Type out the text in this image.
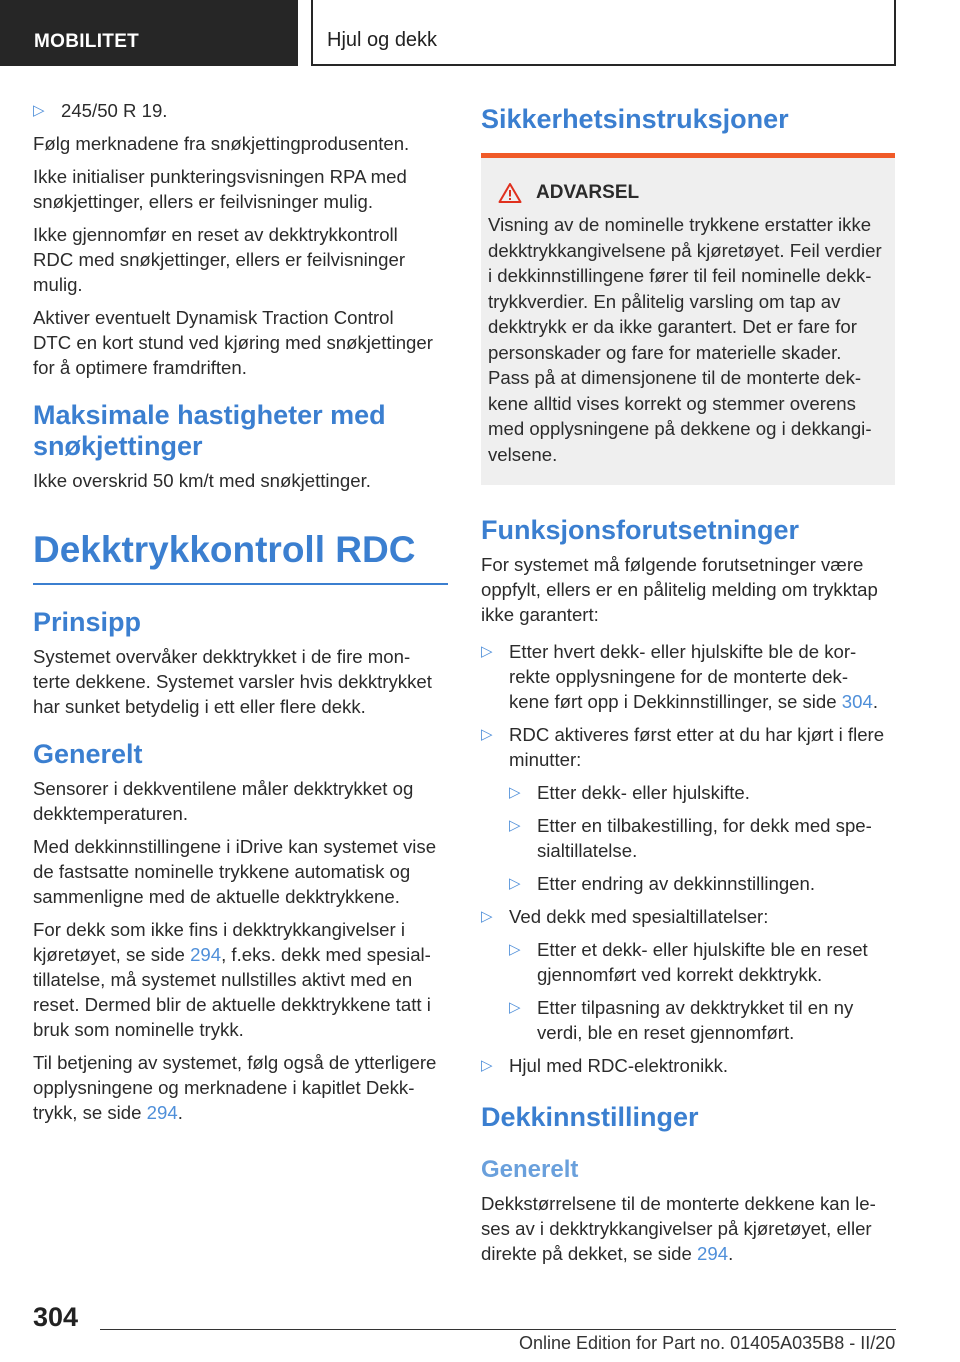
MOBILITET	Hjul og dekk
▷ 245/50 R 19.

Følg merknadene fra snøkjettingprodusenten.

Ikke initialiser punkteringsvisningen RPA med
snøkjettinger, ellers er feilvisninger mulig.

Ikke gjennomfør en reset av dekktrykkontroll
RDC med snøkjettinger, ellers er feilvisninger
mulig.

Aktiver eventuelt Dynamisk Traction Control
DTC en kort stund ved kjøring med snøkjettinger
for å optimere framdriften.

Maksimale hastigheter med
snøkjettinger

Ikke overskrid 50 km/t med snøkjettinger.

Dekktrykkontroll RDC
Prinsipp

Systemet overvåker dekktrykket i de fire mon-
terte dekkene. Systemet varsler hvis dekktrykket
har sunket betydelig i ett eller flere dekk.

Generelt

Sensorer i dekkventilene måler dekktrykket og
dekktemperaturen.

Med dekkinnstillingene i iDrive kan systemet vise
de fastsatte nominelle trykkene automatisk og
sammenligne med de aktuelle dekktrykkene.

For dekk som ikke fins i dekktrykkangivelser i
kjøretøyet, se side 294, f.eks. dekk med spesial-
tillatelse, må systemet nullstilles aktivt med en
reset. Dermed blir de aktuelle dekktrykkene tatt i
bruk som nominelle trykk.

Til betjening av systemet, følg også de ytterligere
opplysningene og merknadene i kapitlet Dekk-
trykk, se side 294.

Sikkerhetsinstruksjoner
ADVARSEL
Visning av de nominelle trykkene erstatter ikke
dekktrykkangivelsene på kjøretøyet. Feil verdier
i dekkinnstillingene fører til feil nominelle dekk-
trykkverdier. En pålitelig varsling om tap av
dekktrykk er da ikke garantert. Det er fare for
personskader og fare for materielle skader.
Pass på at dimensjonene til de monterte dek-
kene alltid vises korrekt og stemmer overens
med opplysningene på dekkene og i dekkangi-
velsene.
Funksjonsforutsetninger

For systemet må følgende forutsetninger være
oppfylt, ellers er en pålitelig melding om trykktap
ikke garantert:

▷ Etter hvert dekk- eller hjulskifte ble de kor-
rekte opplysningene for de monterte dek-
kene ført opp i Dekkinnstillinger, se side 304.
▷ RDC aktiveres først etter at du har kjørt i flere
minutter:
▷ Etter dekk- eller hjulskifte.
▷ Etter en tilbakestilling, for dekk med spe-
sialtillatelse.
▷ Etter endring av dekkinnstillingen.
▷ Ved dekk med spesialtillatelser:
▷ Etter et dekk- eller hjulskifte ble en reset
gjennomført ved korrekt dekktrykk.
▷ Etter tilpasning av dekktrykket til en ny
verdi, ble en reset gjennomført.
▷ Hjul med RDC-elektronikk.
Dekkinnstillinger
Generelt

Dekkstørrelsene til de monterte dekkene kan le-
ses av i dekktrykkangivelser på kjøretøyet, eller
direkte på dekket, se side 294.

304
Online Edition for Part no. 01405A035B8 - II/20
